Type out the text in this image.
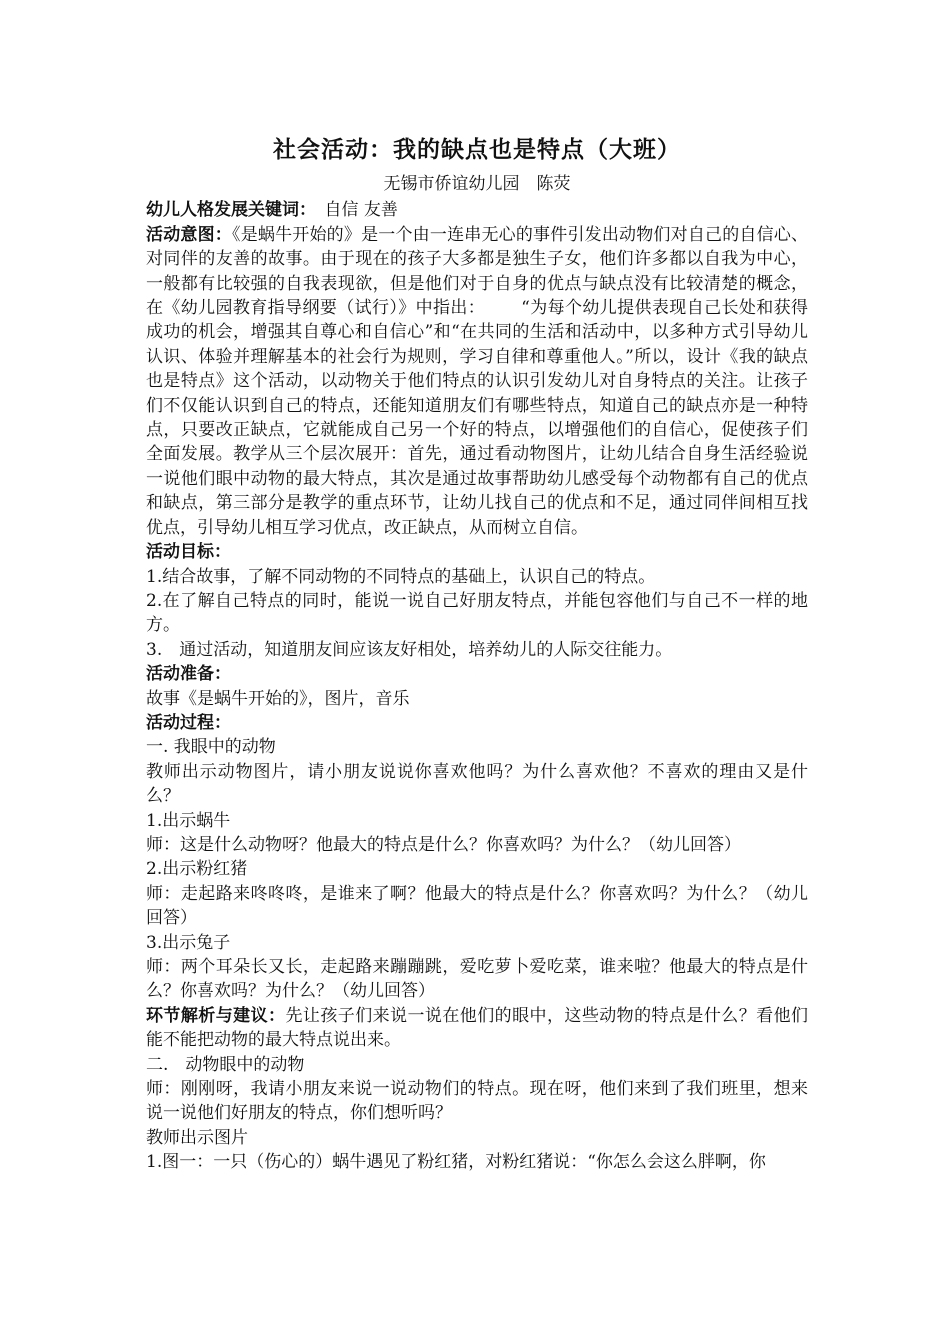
社会活动：我的缺点也是特点（大班）
无锡市侨谊幼儿园　陈荧
幼儿人格发展关键词：　自信 友善
活动意图：《是蜗牛开始的》是一个由一连串无心的事件引发出动物们对自己的自信心、对同伴的友善的故事。由于现在的孩子大多都是独生子女，他们许多都以自我为中心，一般都有比较强的自我表现欲，但是他们对于自身的优点与缺点没有比较清楚的概念，在《幼儿园教育指导纲要（试行）》中指出： “为每个幼儿提供表现自己长处和获得成功的机会，增强其自尊心和自信心”和“在共同的生活和活动中，以多种方式引导幼儿认识、体验并理解基本的社会行为规则，学习自律和尊重他人。”所以，设计《我的缺点也是特点》这个活动，以动物关于他们特点的认识引发幼儿对自身特点的关注。让孩子们不仅能认识到自己的特点，还能知道朋友们有哪些特点，知道自己的缺点亦是一种特点，只要改正缺点，它就能成自己另一个好的特点，以增强他们的自信心，促使孩子们全面发展。教学从三个层次展开：首先，通过看动物图片，让幼儿结合自身生活经验说一说他们眼中动物的最大特点，其次是通过故事帮助幼儿感受每个动物都有自己的优点和缺点，第三部分是教学的重点环节，让幼儿找自己的优点和不足，通过同伴间相互找优点，引导幼儿相互学习优点，改正缺点，从而树立自信。
活动目标：
1.结合故事，了解不同动物的不同特点的基础上，认识自己的特点。
2.在了解自己特点的同时，能说一说自己好朋友特点，并能包容他们与自己不一样的地方。
3.　通过活动，知道朋友间应该友好相处，培养幼儿的人际交往能力。
活动准备：
故事《是蜗牛开始的》，图片，音乐
活动过程：
一. 我眼中的动物
教师出示动物图片，请小朋友说说你喜欢他吗？为什么喜欢他？不喜欢的理由又是什么？
1.出示蜗牛
师：这是什么动物呀？他最大的特点是什么？你喜欢吗？为什么？（幼儿回答）
2.出示粉红猪
师：走起路来咚咚咚，是谁来了啊？他最大的特点是什么？你喜欢吗？为什么？（幼儿回答）
3.出示兔子
师：两个耳朵长又长，走起路来蹦蹦跳，爱吃萝卜爱吃菜，谁来啦？他最大的特点是什么？你喜欢吗？为什么？（幼儿回答）
环节解析与建议：先让孩子们来说一说在他们的眼中，这些动物的特点是什么？看他们能不能把动物的最大特点说出来。
二.　动物眼中的动物
师：刚刚呀，我请小朋友来说一说动物们的特点。现在呀，他们来到了我们班里，想来说一说他们好朋友的特点，你们想听吗？
教师出示图片
1.图一：一只（伤心的）蜗牛遇见了粉红猪，对粉红猪说：“你怎么会这么胖啊，你
